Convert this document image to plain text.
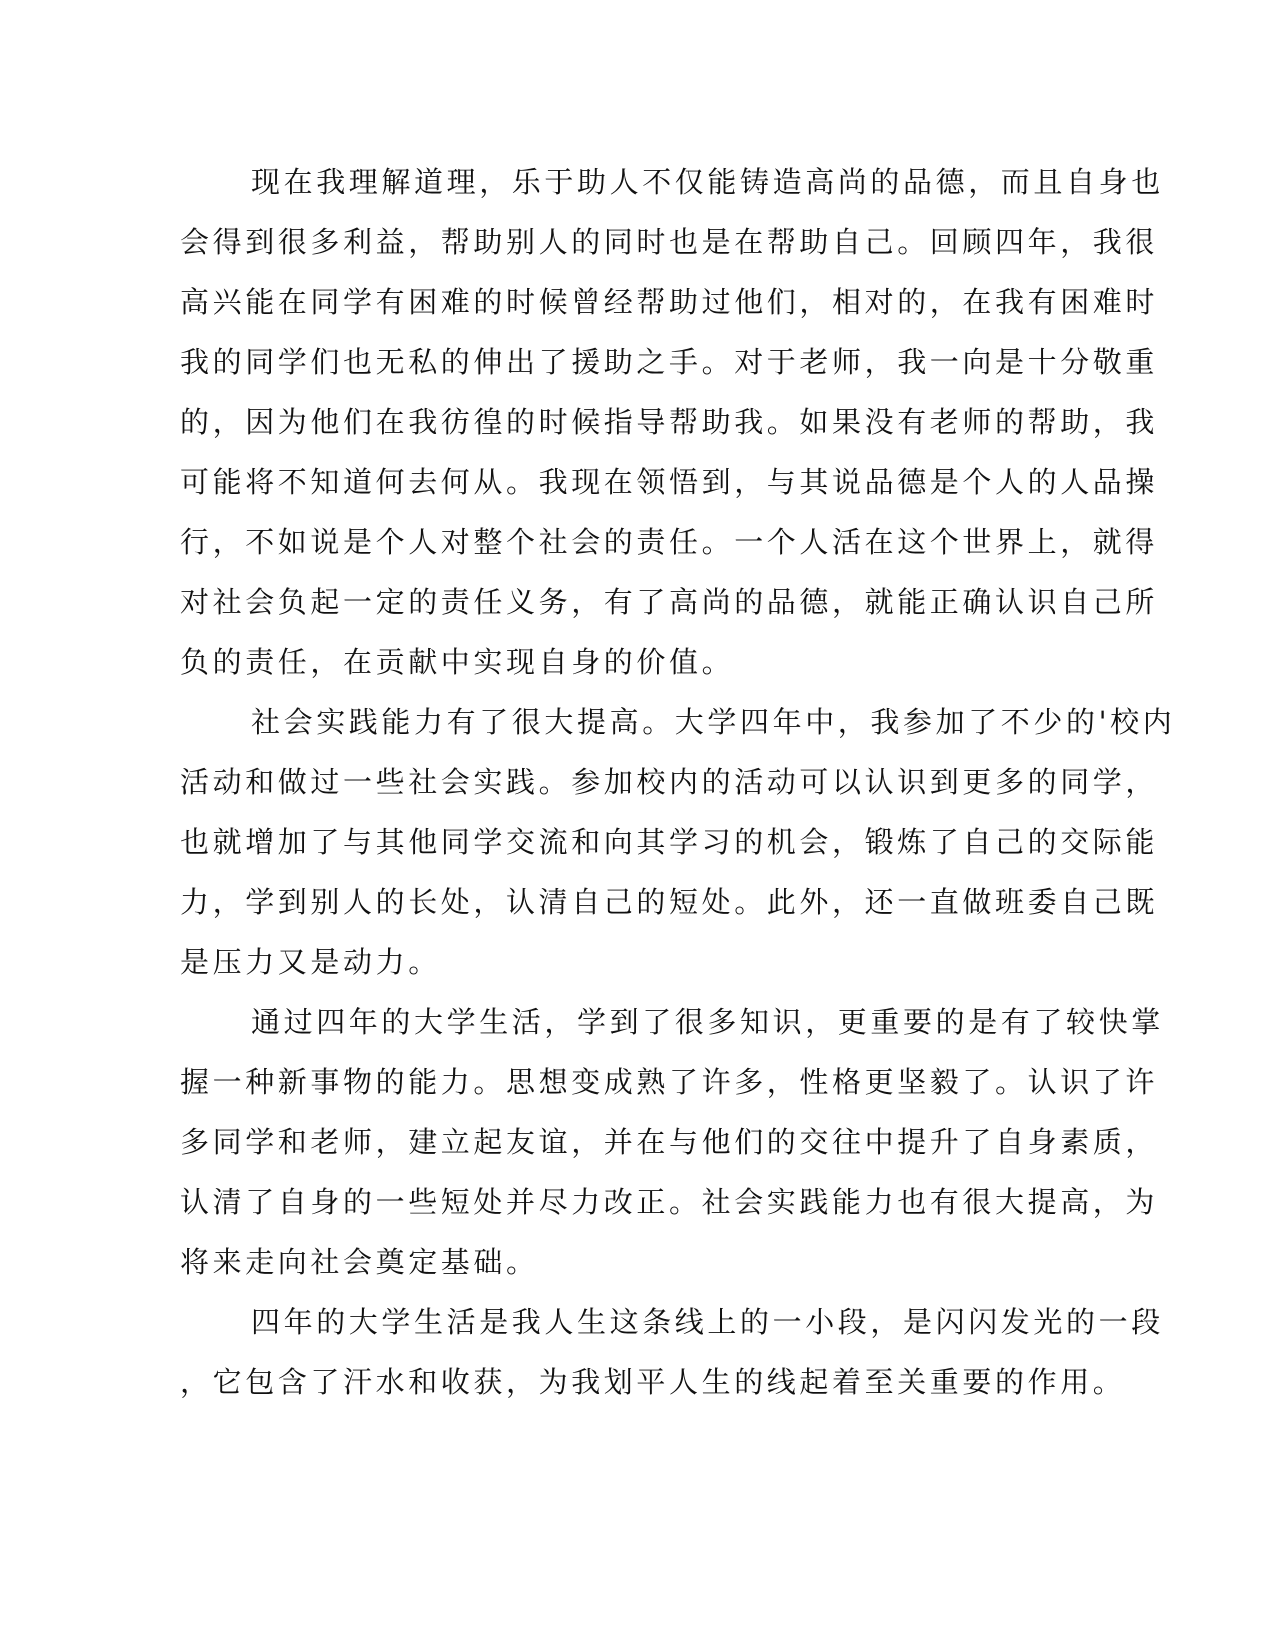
现在我理解道理，乐于助人不仅能铸造高尚的品德，而且自身也
会得到很多利益，帮助别人的同时也是在帮助自己。回顾四年，我很
高兴能在同学有困难的时候曾经帮助过他们，相对的，在我有困难时
我的同学们也无私的伸出了援助之手。对于老师，我一向是十分敬重
的，因为他们在我彷徨的时候指导帮助我。如果没有老师的帮助，我
可能将不知道何去何从。我现在领悟到，与其说品德是个人的人品操
行，不如说是个人对整个社会的责任。一个人活在这个世界上，就得
对社会负起一定的责任义务，有了高尚的品德，就能正确认识自己所
负的责任，在贡献中实现自身的价值。
社会实践能力有了很大提高。大学四年中，我参加了不少的'校内
活动和做过一些社会实践。参加校内的活动可以认识到更多的同学，
也就增加了与其他同学交流和向其学习的机会，锻炼了自己的交际能
力，学到别人的长处，认清自己的短处。此外，还一直做班委自己既
是压力又是动力。
通过四年的大学生活，学到了很多知识，更重要的是有了较快掌
握一种新事物的能力。思想变成熟了许多，性格更坚毅了。认识了许
多同学和老师，建立起友谊，并在与他们的交往中提升了自身素质，
认清了自身的一些短处并尽力改正。社会实践能力也有很大提高，为
将来走向社会奠定基础。
四年的大学生活是我人生这条线上的一小段，是闪闪发光的一段
，它包含了汗水和收获，为我划平人生的线起着至关重要的作用。
